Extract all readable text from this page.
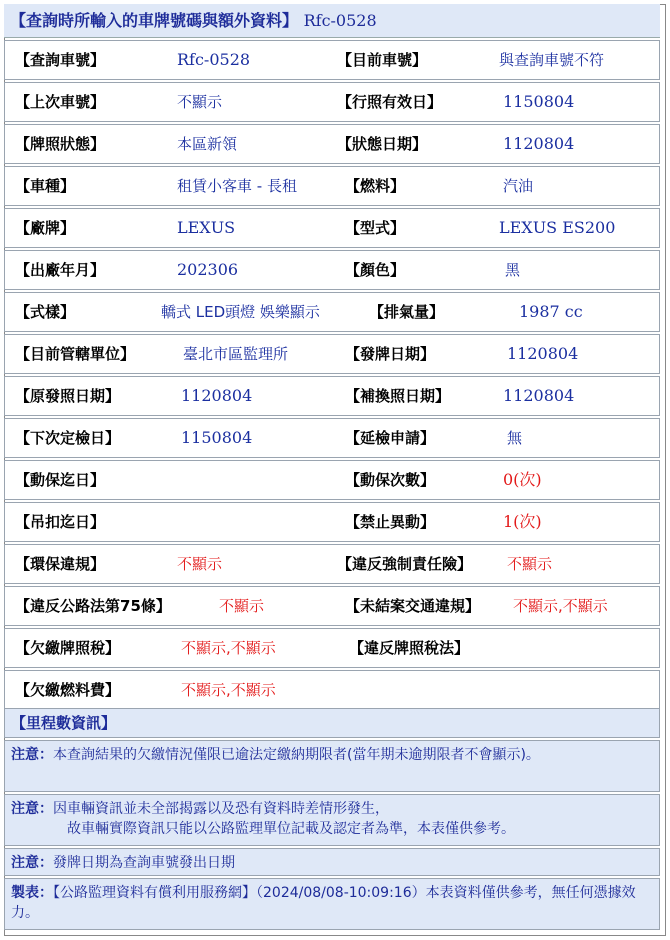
【查詢時所輸入的車牌號碼與額外資料】 Rfc-0528
【查詢車號】	Rfc-0528	【目前車號】	與查詢車號不符
【上次車號】	不顯示	【行照有效日】	1150804
【牌照狀態】	本區新領	【狀態日期】	1120804
【車種】	租賃小客車 - 長租	【燃料】	汽油
【廠牌】	LEXUS	【型式】	LEXUS ES200
【出廠年月】	202306	【顏色】	黑
【式樣】	轎式 LED頭燈 娛樂顯示	【排氣量】	1987 cc
【目前管轄單位】	臺北市區監理所	【發牌日期】	1120804
【原發照日期】	1120804	【補換照日期】	1120804
【下次定檢日】	1150804	【延檢申請】	無
【動保迄日】	【動保次數】	0(次)
【吊扣迄日】	【禁止異動】	1(次)
【環保違規】	不顯示	【違反強制責任險】 不顯示
【違反公路法第75條】	不顯示	【未結案交通違規】 不顯示,不顯示
【欠繳牌照稅】	不顯示,不顯示	【違反牌照稅法】
【欠繳燃料費】	不顯示,不顯示
【里程數資訊】
注意：本查詢結果的欠繳情況僅限已逾法定繳納期限者(當年期未逾期限者不會顯示)。
注意：因車輛資訊並未全部揭露以及恐有資料時差情形發生，
故車輛實際資訊只能以公路監理單位記載及認定者為準，本表僅供參考。
注意：發牌日期為查詢車號發出日期
製表：【公路監理資料有償利用服務網】（2024/08/08-10:09:16）本表資料僅供參考，無任何憑據效力。
